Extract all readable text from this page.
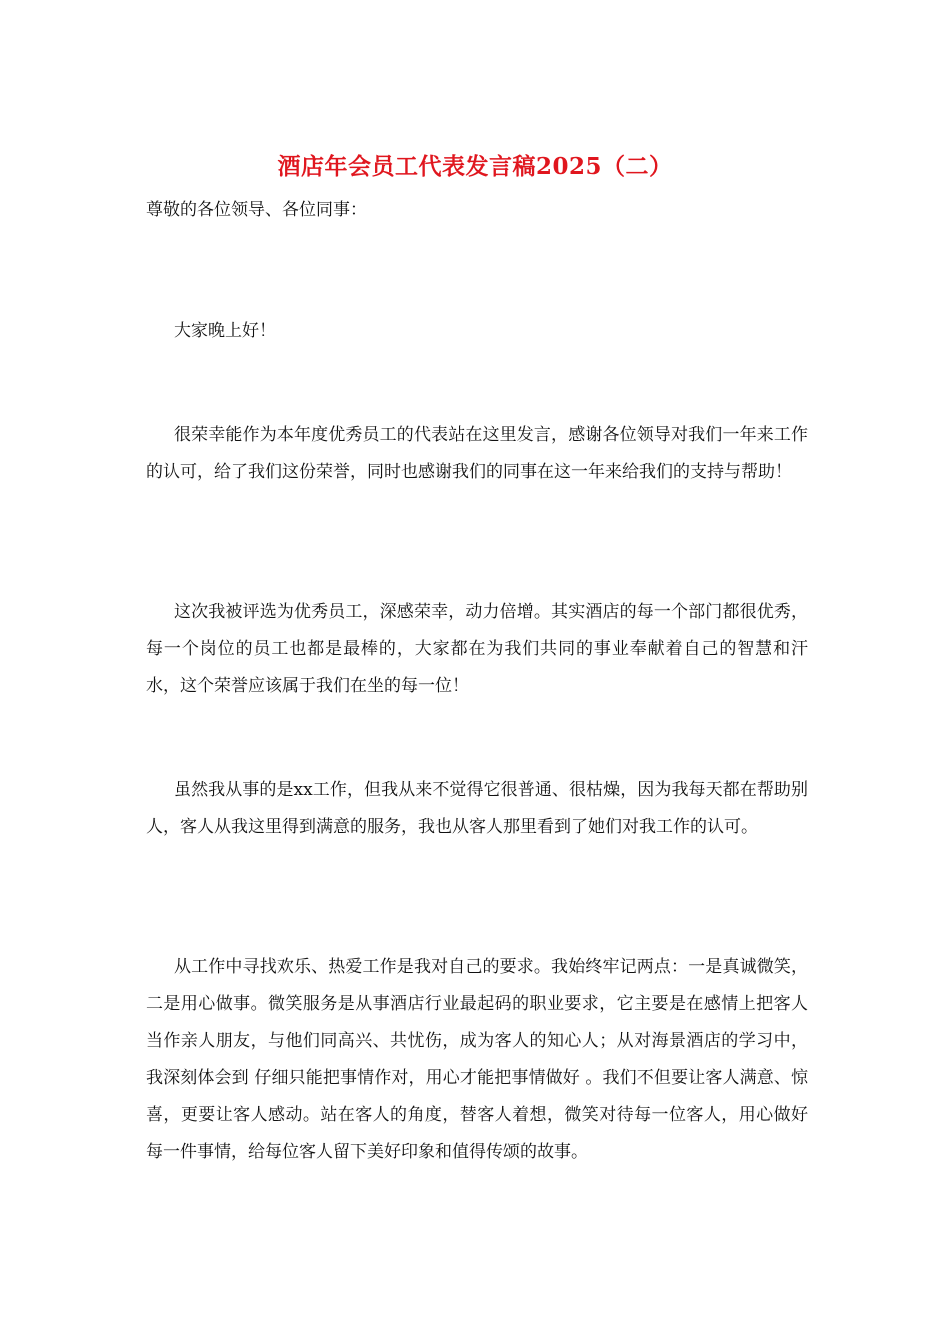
酒店年会员工代表发言稿2025（二）
尊敬的各位领导、各位同事：

大家晚上好！

很荣幸能作为本年度优秀员工的代表站在这里发言，感谢各位领导对我们一年来工作的认可，给了我们这份荣誉，同时也感谢我们的同事在这一年来给我们的支持与帮助！

这次我被评选为优秀员工，深感荣幸，动力倍增。其实酒店的每一个部门都很优秀，每一个岗位的员工也都是最棒的，大家都在为我们共同的事业奉献着自己的智慧和汗水，这个荣誉应该属于我们在坐的每一位！

虽然我从事的是xx工作，但我从来不觉得它很普通、很枯燥，因为我每天都在帮助别人，客人从我这里得到满意的服务，我也从客人那里看到了她们对我工作的认可。

从工作中寻找欢乐、热爱工作是我对自己的要求。我始终牢记两点：一是真诚微笑，二是用心做事。微笑服务是从事酒店行业最起码的职业要求，它主要是在感情上把客人当作亲人朋友，与他们同高兴、共忧伤，成为客人的知心人；从对海景酒店的学习中，我深刻体会到 仔细只能把事情作对，用心才能把事情做好 。我们不但要让客人满意、惊喜，更要让客人感动。站在客人的角度，替客人着想，微笑对待每一位客人，用心做好每一件事情，给每位客人留下美好印象和值得传颂的故事。
